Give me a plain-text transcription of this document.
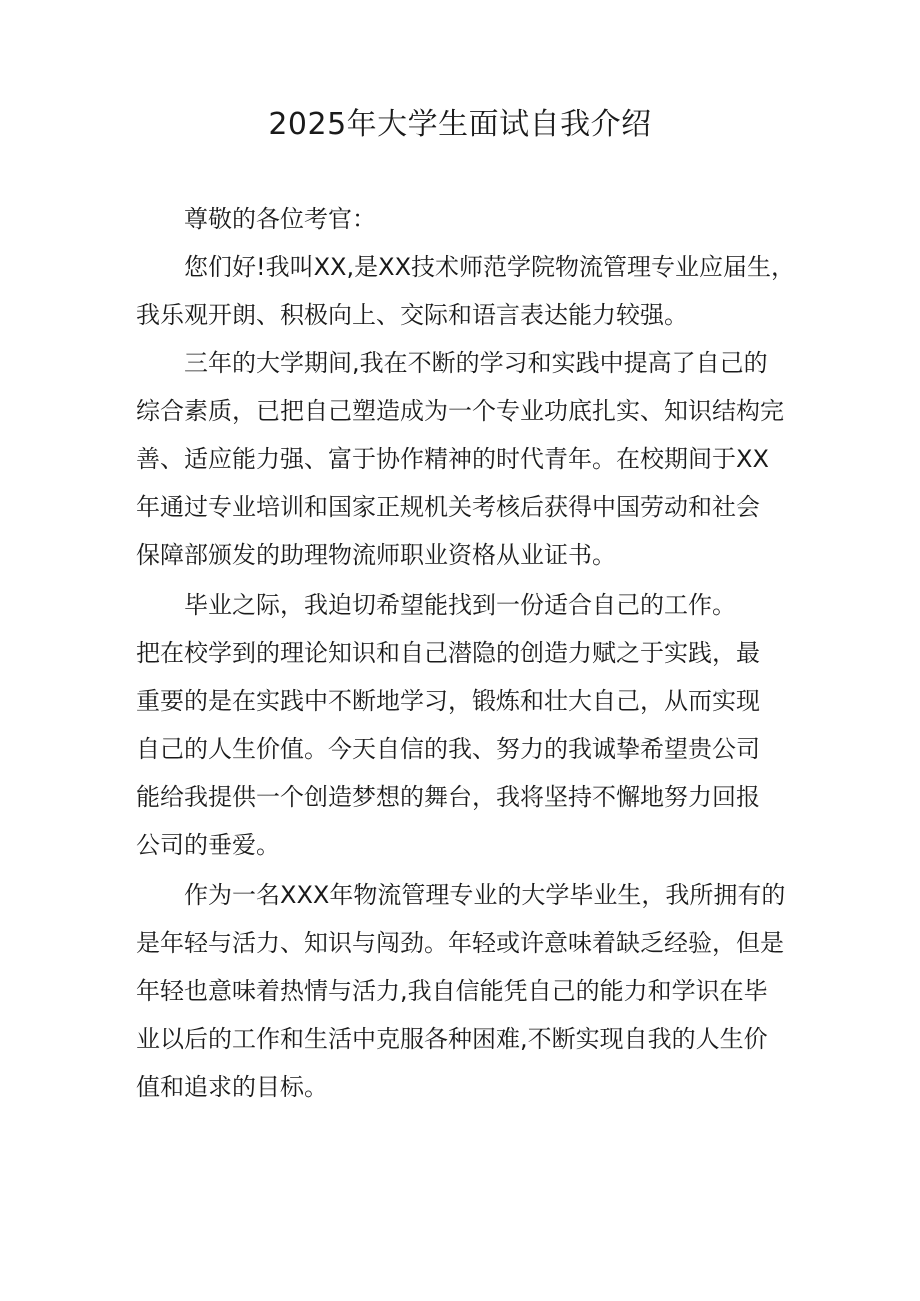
2025年大学生面试自我介绍

尊敬的各位考官：

您们好!我叫XX,是XX技术师范学院物流管理专业应届生，

我乐观开朗、积极向上、交际和语言表达能力较强。

三年的大学期间,我在不断的学习和实践中提高了自己的

综合素质，已把自己塑造成为一个专业功底扎实、知识结构完

善、适应能力强、富于协作精神的时代青年。在校期间于XX

年通过专业培训和国家正规机关考核后获得中国劳动和社会

保障部颁发的助理物流师职业资格从业证书。

毕业之际，我迫切希望能找到一份适合自己的工作。

把在校学到的理论知识和自己潜隐的创造力赋之于实践，最

重要的是在实践中不断地学习，锻炼和壮大自己，从而实现

自己的人生价值。今天自信的我、努力的我诚挚希望贵公司

能给我提供一个创造梦想的舞台，我将坚持不懈地努力回报

公司的垂爱。

作为一名XXX年物流管理专业的大学毕业生，我所拥有的

是年轻与活力、知识与闯劲。年轻或许意味着缺乏经验，但是

年轻也意味着热情与活力,我自信能凭自己的能力和学识在毕

业以后的工作和生活中克服各种困难,不断实现自我的人生价

值和追求的目标。
